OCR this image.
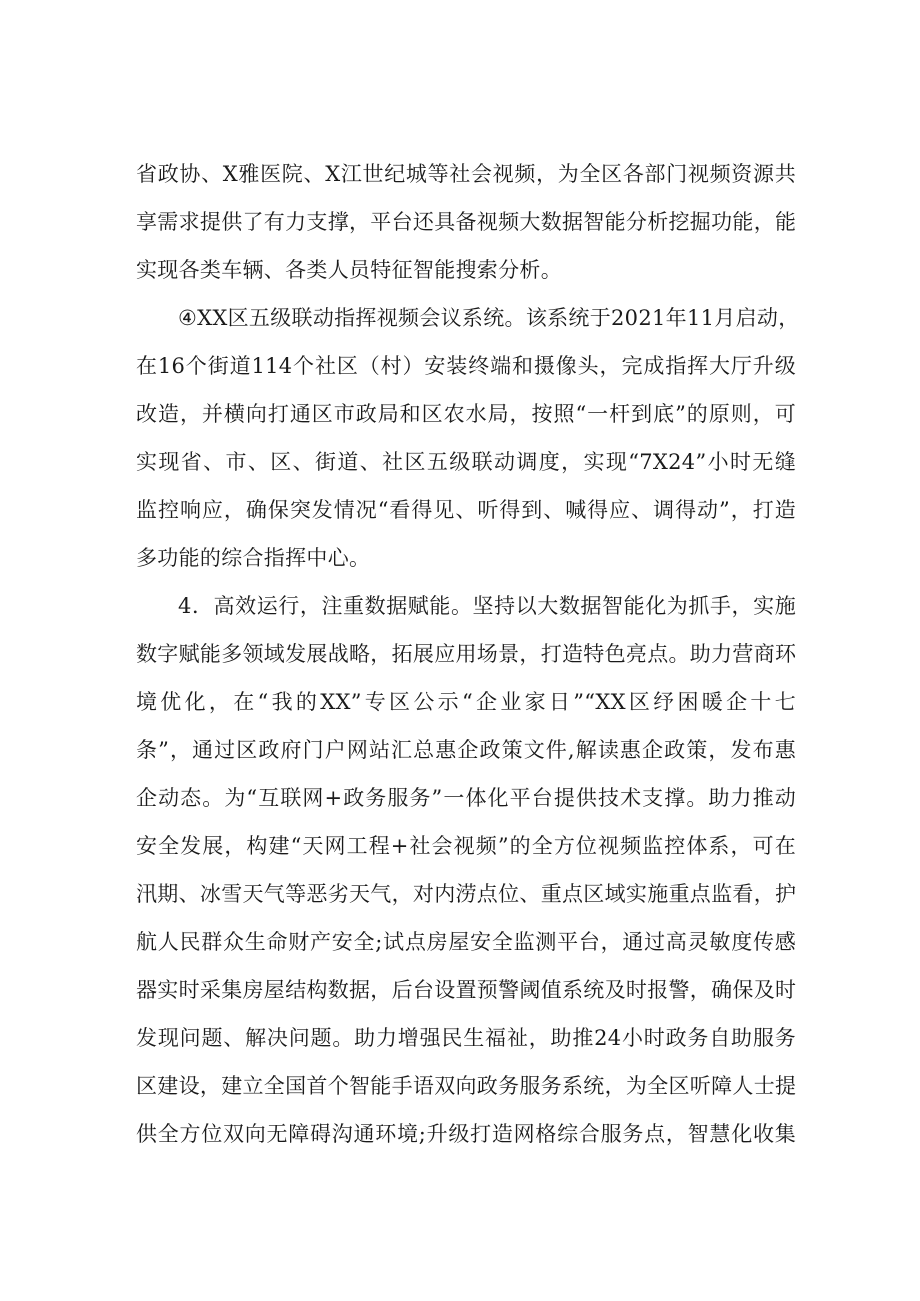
省政协、X雅医院、X江世纪城等社会视频，为全区各部门视频资源共
享需求提供了有力支撑，平台还具备视频大数据智能分析挖掘功能，能
实现各类车辆、各类人员特征智能搜索分析。
④XX区五级联动指挥视频会议系统。该系统于2021年11月启动，
在16个街道114个社区（村）安装终端和摄像头，完成指挥大厅升级
改造，并横向打通区市政局和区农水局，按照“一杆到底”的原则，可
实现省、市、区、街道、社区五级联动调度，实现“7X24”小时无缝
监控响应，确保突发情况“看得见、听得到、喊得应、调得动”，打造
多功能的综合指挥中心。
4．高效运行，注重数据赋能。坚持以大数据智能化为抓手，实施
数字赋能多领域发展战略，拓展应用场景，打造特色亮点。助力营商环
境优化，在“我的XX”专区公示“企业家日”“XX区纾困暖企十七
条”，通过区政府门户网站汇总惠企政策文件,解读惠企政策，发布惠
企动态。为“互联网+政务服务”一体化平台提供技术支撑。助力推动
安全发展，构建“天网工程+社会视频”的全方位视频监控体系，可在
汛期、冰雪天气等恶劣天气，对内涝点位、重点区域实施重点监看，护
航人民群众生命财产安全;试点房屋安全监测平台，通过高灵敏度传感
器实时采集房屋结构数据，后台设置预警阈值系统及时报警，确保及时
发现问题、解决问题。助力增强民生福祉，助推24小时政务自助服务
区建设，建立全国首个智能手语双向政务服务系统，为全区听障人士提
供全方位双向无障碍沟通环境;升级打造网格综合服务点，智慧化收集
